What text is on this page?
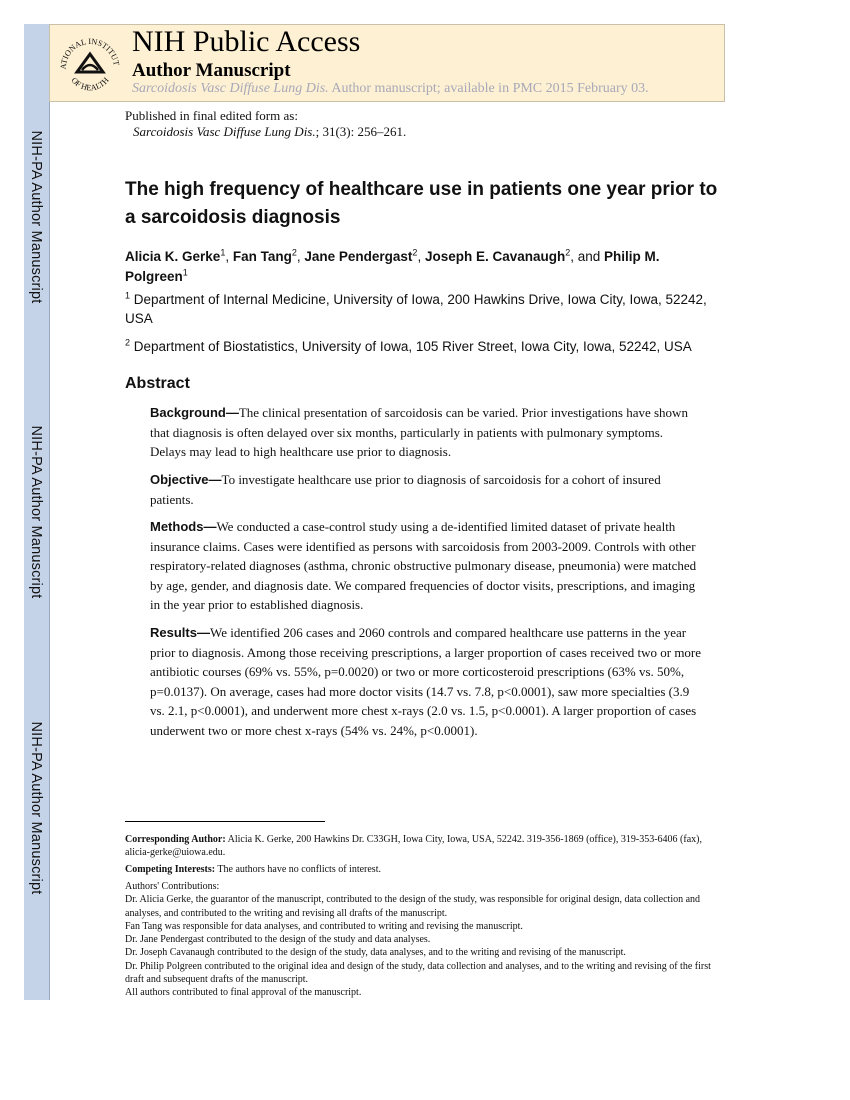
NIH-PA Author Manuscript
NIH-PA Author Manuscript
NIH-PA Author Manuscript
ATIONAL INSTITUT
OF HEALTH
NIH Public Access
Author Manuscript
Sarcoidosis Vasc Diffuse Lung Dis. Author manuscript; available in PMC 2015 February 03.
Published in final edited form as:
Sarcoidosis Vasc Diffuse Lung Dis.; 31(3): 256–261.
The high frequency of healthcare use in patients one year prior to a sarcoidosis diagnosis
Alicia K. Gerke$^1$, Fan Tang$^2$, Jane Pendergast$^2$, Joseph E. Cavanaugh$^2$, and Philip M. Polgreen$^1$
$^1$ Department of Internal Medicine, University of Iowa, 200 Hawkins Drive, Iowa City, Iowa, 52242, USA
$^2$ Department of Biostatistics, University of Iowa, 105 River Street, Iowa City, Iowa, 52242, USA
Abstract
Background—The clinical presentation of sarcoidosis can be varied. Prior investigations have shown that diagnosis is often delayed over six months, particularly in patients with pulmonary symptoms. Delays may lead to high healthcare use prior to diagnosis.
Objective—To investigate healthcare use prior to diagnosis of sarcoidosis for a cohort of insured patients.
Methods—We conducted a case-control study using a de-identified limited dataset of private health insurance claims. Cases were identified as persons with sarcoidosis from 2003-2009. Controls with other respiratory-related diagnoses (asthma, chronic obstructive pulmonary disease, pneumonia) were matched by age, gender, and diagnosis date. We compared frequencies of doctor visits, prescriptions, and imaging in the year prior to established diagnosis.
Results—We identified 206 cases and 2060 controls and compared healthcare use patterns in the year prior to diagnosis. Among those receiving prescriptions, a larger proportion of cases received two or more antibiotic courses (69% vs. 55%, p=0.0020) or two or more corticosteroid prescriptions (63% vs. 50%, p=0.0137). On average, cases had more doctor visits (14.7 vs. 7.8, p<0.0001), saw more specialties (3.9 vs. 2.1, p<0.0001), and underwent more chest x-rays (2.0 vs. 1.5, p<0.0001). A larger proportion of cases underwent two or more chest x-rays (54% vs. 24%, p<0.0001).
Corresponding Author: Alicia K. Gerke, 200 Hawkins Dr. C33GH, Iowa City, Iowa, USA, 52242. 319-356-1869 (office), 319-353-6406 (fax), alicia-gerke@uiowa.edu.
Competing Interests: The authors have no conflicts of interest.
Authors' Contributions:
Dr. Alicia Gerke, the guarantor of the manuscript, contributed to the design of the study, was responsible for original design, data collection and analyses, and contributed to the writing and revising all drafts of the manuscript.
Fan Tang was responsible for data analyses, and contributed to writing and revising the manuscript.
Dr. Jane Pendergast contributed to the design of the study and data analyses.
Dr. Joseph Cavanaugh contributed to the design of the study, data analyses, and to the writing and revising of the manuscript.
Dr. Philip Polgreen contributed to the original idea and design of the study, data collection and analyses, and to the writing and revising of the first draft and subsequent drafts of the manuscript.
All authors contributed to final approval of the manuscript.
